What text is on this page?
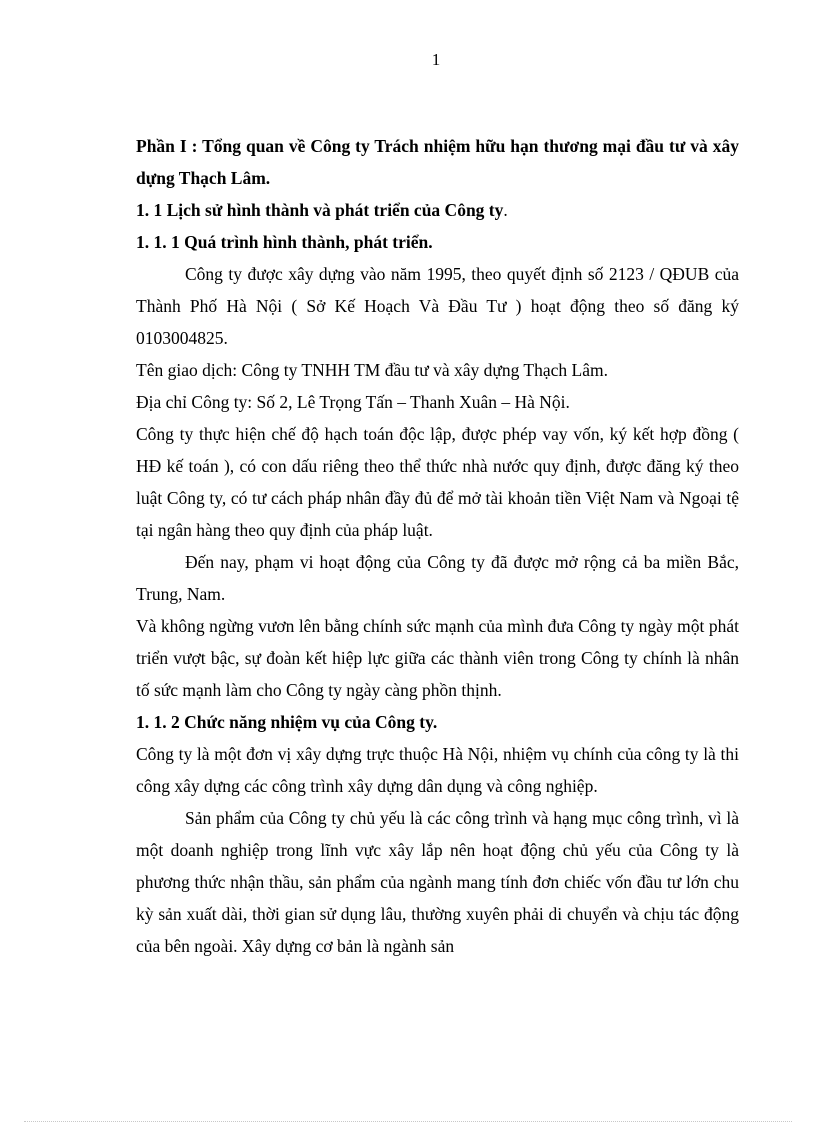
1

Phần I : Tổng quan về Công ty Trách nhiệm hữu hạn thương mại đầu tư và xây dựng Thạch Lâm.

1. 1 Lịch sử hình thành và phát triển của Công ty.

1. 1. 1 Quá trình hình thành, phát triển.

Công ty được xây dựng vào năm 1995, theo quyết định số 2123 / QĐUB của Thành Phố Hà Nội ( Sở Kế Hoạch Và Đầu Tư ) hoạt động theo số đăng ký 0103004825.

Tên giao dịch: Công ty TNHH TM đầu tư và xây dựng Thạch Lâm.

Địa chỉ Công ty: Số 2, Lê Trọng Tấn – Thanh Xuân – Hà Nội.

Công ty thực hiện chế độ hạch toán độc lập, được phép vay vốn, ký kết hợp đồng ( HĐ kế toán ), có con dấu riêng theo thể thức nhà nước quy định, được đăng ký theo luật Công ty, có tư cách pháp nhân đầy đủ để mở tài khoản tiền Việt Nam và Ngoại tệ tại ngân hàng theo quy định của pháp luật.

Đến nay, phạm vi hoạt động của Công ty đã được mở rộng cả ba miền Bắc, Trung, Nam.

Và không ngừng vươn lên bằng chính sức mạnh của mình đưa Công ty ngày một phát triển vượt bậc, sự đoàn kết hiệp lực giữa các thành viên trong Công ty chính là nhân tố sức mạnh làm cho Công ty ngày càng phồn thịnh.

1. 1. 2 Chức năng nhiệm vụ của Công ty.

Công ty là một đơn vị xây dựng trực thuộc Hà Nội, nhiệm vụ chính của công ty là thi công xây dựng các công trình xây dựng dân dụng và công nghiệp.

Sản phẩm của Công ty chủ yếu là các công trình và hạng mục công trình, vì là một doanh nghiệp trong lĩnh vực xây lắp nên hoạt động chủ yếu của Công ty là phương thức nhận thầu, sản phẩm của ngành mang tính đơn chiếc vốn đầu tư lớn chu kỳ sản xuất dài, thời gian sử dụng lâu, thường xuyên phải di chuyển và chịu tác động của bên ngoài. Xây dựng cơ bản là ngành sản
